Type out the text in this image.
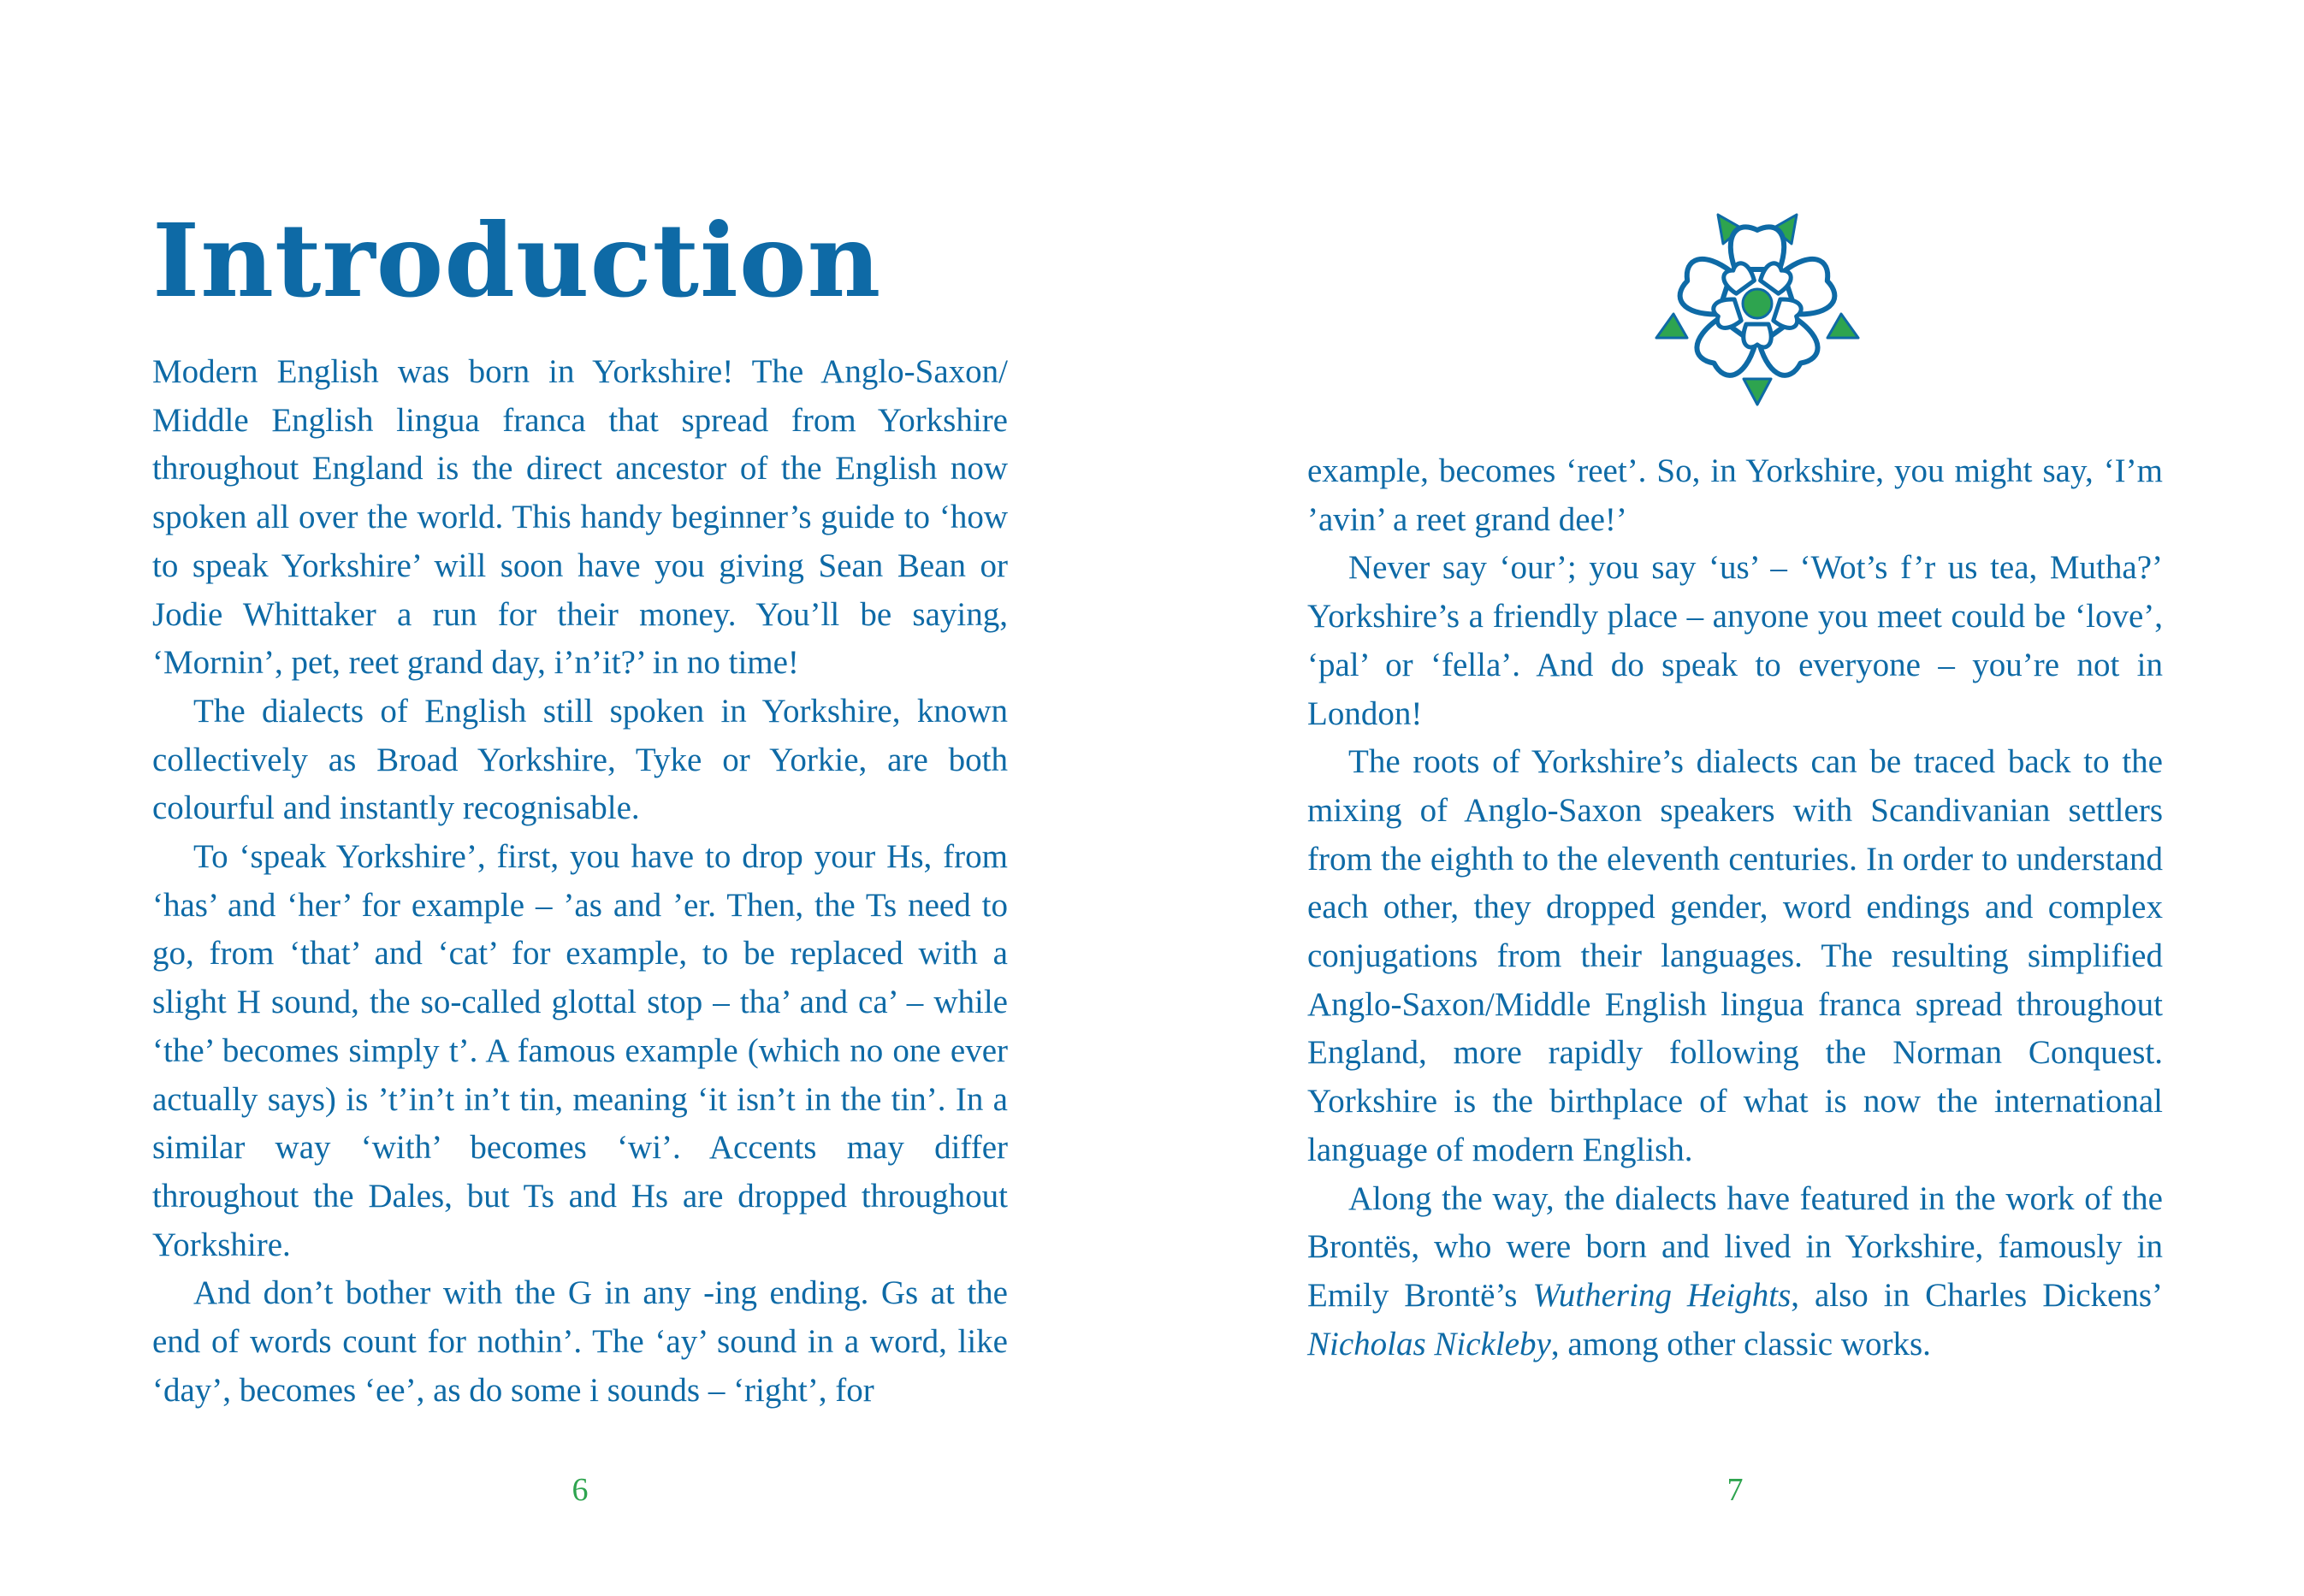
Introduction

Modern English was born in Yorkshire! The Anglo-Saxon/ Middle English lingua franca that spread from Yorkshire throughout England is the direct ancestor of the English now spoken all over the world. This handy beginner’s guide to ‘how to speak Yorkshire’ will soon have you giving Sean Bean or Jodie Whittaker a run for their money. You’ll be saying, ‘Mornin’, pet, reet grand day, i’n’it?’ in no time!

The dialects of English still spoken in Yorkshire, known collectively as Broad Yorkshire, Tyke or Yorkie, are both colourful and instantly recognisable.

To ‘speak Yorkshire’, first, you have to drop your Hs, from ‘has’ and ‘her’ for example – ’as and ’er. Then, the Ts need to go, from ‘that’ and ‘cat’ for example, to be replaced with a slight H sound, the so-called glottal stop – tha’ and ca’ – while ‘the’ becomes simply t’. A famous example (which no one ever actually says) is ’t’in’t in’t tin, meaning ‘it isn’t in the tin’. In a similar way ‘with’ becomes ‘wi’. Accents may differ throughout the Dales, but Ts and Hs are dropped throughout Yorkshire.

And don’t bother with the G in any -ing ending. Gs at the end of words count for nothin’. The ‘ay’ sound in a word, like ‘day’, becomes ‘ee’, as do some i sounds – ‘right’, for

6

example, becomes ‘reet’. So, in Yorkshire, you might say, ‘I’m ’avin’ a reet grand dee!’

Never say ‘our’; you say ‘us’ – ‘Wot’s f’r us tea, Mutha?’ Yorkshire’s a friendly place – anyone you meet could be ‘love’, ‘pal’ or ‘fella’. And do speak to everyone – you’re not in London!

The roots of Yorkshire’s dialects can be traced back to the mixing of Anglo-Saxon speakers with Scandivanian settlers from the eighth to the eleventh centuries. In order to understand each other, they dropped gender, word endings and complex conjugations from their languages. The resulting simplified Anglo-Saxon/Middle English lingua franca spread throughout England, more rapidly following the Norman Conquest. Yorkshire is the birthplace of what is now the international language of modern English.

Along the way, the dialects have featured in the work of the Brontës, who were born and lived in Yorkshire, famously in Emily Brontë’s Wuthering Heights, also in Charles Dickens’ Nicholas Nickleby, among other classic works.

7
